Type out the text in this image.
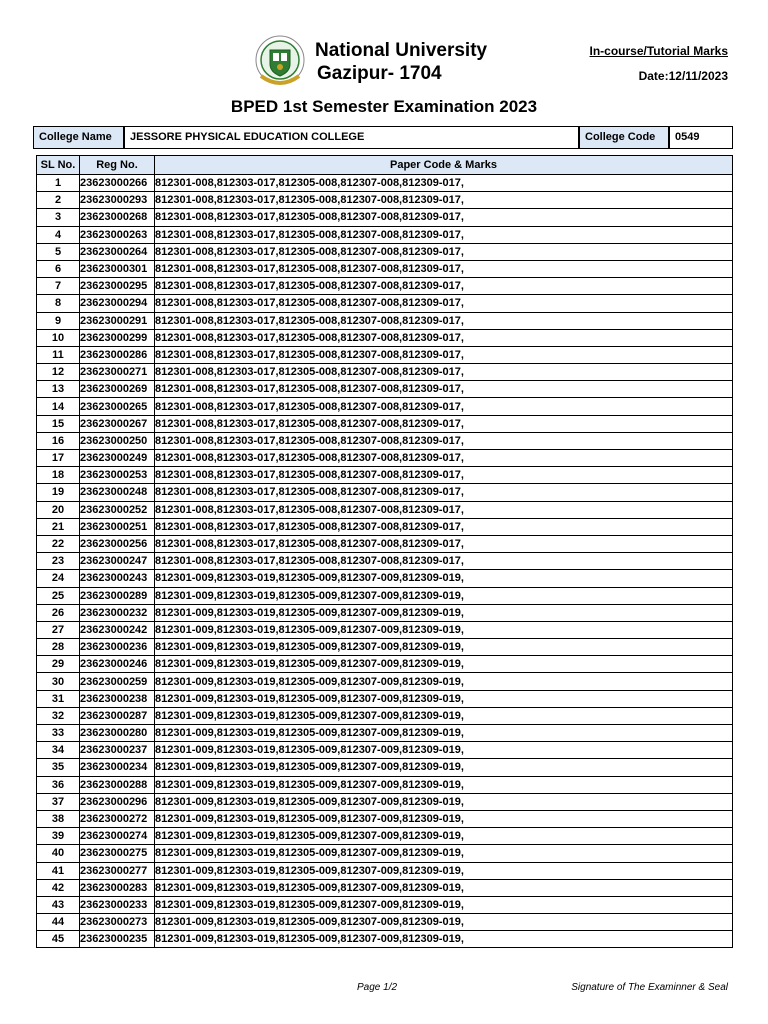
National University
Gazipur- 1704
In-course/Tutorial Marks
Date:12/11/2023
BPED 1st Semester Examination 2023
College Name	JESSORE PHYSICAL EDUCATION COLLEGE	College Code	0549
SL No.	Reg No.	Paper Code & Marks
1	23623000266	812301-008,812303-017,812305-008,812307-008,812309-017,
2	23623000293	812301-008,812303-017,812305-008,812307-008,812309-017,
3	23623000268	812301-008,812303-017,812305-008,812307-008,812309-017,
4	23623000263	812301-008,812303-017,812305-008,812307-008,812309-017,
5	23623000264	812301-008,812303-017,812305-008,812307-008,812309-017,
6	23623000301	812301-008,812303-017,812305-008,812307-008,812309-017,
7	23623000295	812301-008,812303-017,812305-008,812307-008,812309-017,
8	23623000294	812301-008,812303-017,812305-008,812307-008,812309-017,
9	23623000291	812301-008,812303-017,812305-008,812307-008,812309-017,
10	23623000299	812301-008,812303-017,812305-008,812307-008,812309-017,
11	23623000286	812301-008,812303-017,812305-008,812307-008,812309-017,
12	23623000271	812301-008,812303-017,812305-008,812307-008,812309-017,
13	23623000269	812301-008,812303-017,812305-008,812307-008,812309-017,
14	23623000265	812301-008,812303-017,812305-008,812307-008,812309-017,
15	23623000267	812301-008,812303-017,812305-008,812307-008,812309-017,
16	23623000250	812301-008,812303-017,812305-008,812307-008,812309-017,
17	23623000249	812301-008,812303-017,812305-008,812307-008,812309-017,
18	23623000253	812301-008,812303-017,812305-008,812307-008,812309-017,
19	23623000248	812301-008,812303-017,812305-008,812307-008,812309-017,
20	23623000252	812301-008,812303-017,812305-008,812307-008,812309-017,
21	23623000251	812301-008,812303-017,812305-008,812307-008,812309-017,
22	23623000256	812301-008,812303-017,812305-008,812307-008,812309-017,
23	23623000247	812301-008,812303-017,812305-008,812307-008,812309-017,
24	23623000243	812301-009,812303-019,812305-009,812307-009,812309-019,
25	23623000289	812301-009,812303-019,812305-009,812307-009,812309-019,
26	23623000232	812301-009,812303-019,812305-009,812307-009,812309-019,
27	23623000242	812301-009,812303-019,812305-009,812307-009,812309-019,
28	23623000236	812301-009,812303-019,812305-009,812307-009,812309-019,
29	23623000246	812301-009,812303-019,812305-009,812307-009,812309-019,
30	23623000259	812301-009,812303-019,812305-009,812307-009,812309-019,
31	23623000238	812301-009,812303-019,812305-009,812307-009,812309-019,
32	23623000287	812301-009,812303-019,812305-009,812307-009,812309-019,
33	23623000280	812301-009,812303-019,812305-009,812307-009,812309-019,
34	23623000237	812301-009,812303-019,812305-009,812307-009,812309-019,
35	23623000234	812301-009,812303-019,812305-009,812307-009,812309-019,
36	23623000288	812301-009,812303-019,812305-009,812307-009,812309-019,
37	23623000296	812301-009,812303-019,812305-009,812307-009,812309-019,
38	23623000272	812301-009,812303-019,812305-009,812307-009,812309-019,
39	23623000274	812301-009,812303-019,812305-009,812307-009,812309-019,
40	23623000275	812301-009,812303-019,812305-009,812307-009,812309-019,
41	23623000277	812301-009,812303-019,812305-009,812307-009,812309-019,
42	23623000283	812301-009,812303-019,812305-009,812307-009,812309-019,
43	23623000233	812301-009,812303-019,812305-009,812307-009,812309-019,
44	23623000273	812301-009,812303-019,812305-009,812307-009,812309-019,
45	23623000235	812301-009,812303-019,812305-009,812307-009,812309-019,
Page 1/2	Signature of The Examinner & Seal
